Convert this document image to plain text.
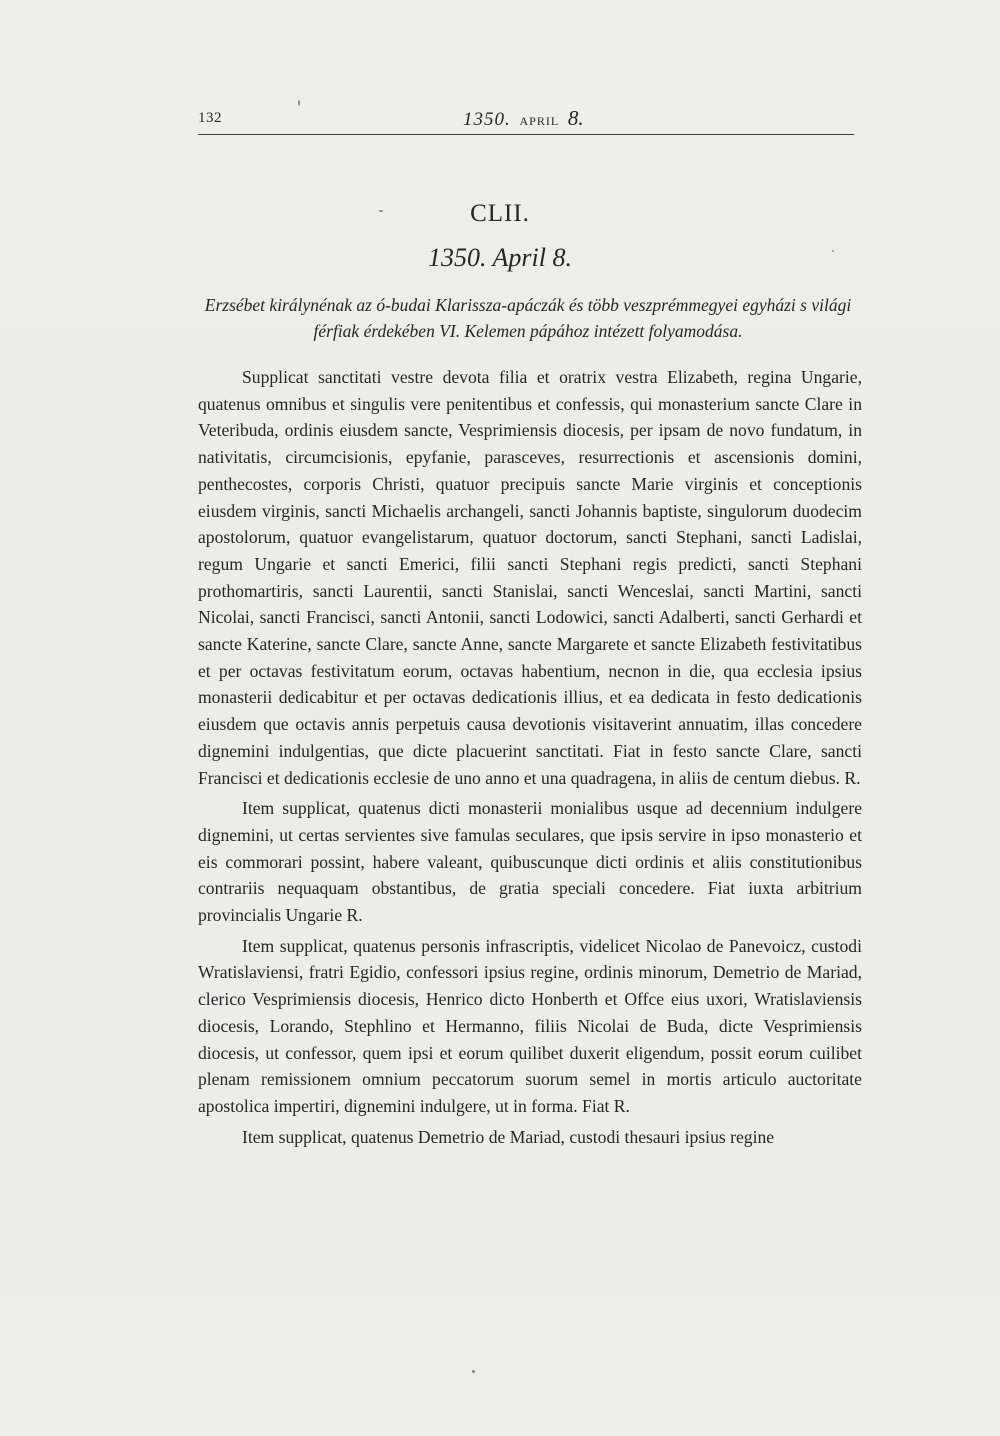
132	1350. APRIL 8.
CLII.
1350. April 8.
Erzsébet királynénak az ó-budai Klarissza-apáczák és több veszprémmegyei egyházi s világi férfiak érdekében VI. Kelemen pápához intézett folyamodása.

Supplicat sanctitati vestre devota filia et oratrix vestra Elizabeth, regina Ungarie, quatenus omnibus et singulis vere penitentibus et confessis, qui monasterium sancte Clare in Veteribuda, ordinis eiusdem sancte, Vesprimiensis diocesis, per ipsam de novo fundatum, in nativitatis, circumcisionis, epyfanie, parasceves, resurrectionis et ascensionis domini, penthecostes, corporis Christi, quatuor precipuis sancte Marie virginis et conceptionis eiusdem virginis, sancti Michaelis archangeli, sancti Johannis baptiste, singulorum duodecim apostolorum, quatuor evangelistarum, quatuor doctorum, sancti Stephani, sancti Ladislai, regum Ungarie et sancti Emerici, filii sancti Stephani regis predicti, sancti Stephani prothomartiris, sancti Laurentii, sancti Stanislai, sancti Wenceslai, sancti Martini, sancti Nicolai, sancti Francisci, sancti Antonii, sancti Lodowici, sancti Adalberti, sancti Gerhardi et sancte Katerine, sancte Clare, sancte Anne, sancte Margarete et sancte Elizabeth festivitatibus et per octavas festivitatum eorum, octavas habentium, necnon in die, qua ecclesia ipsius monasterii dedicabitur et per octavas dedicationis illius, et ea dedicata in festo dedicationis eiusdem que octavis annis perpetuis causa devotionis visitaverint annuatim, illas concedere dignemini indulgentias, que dicte placuerint sanctitati. Fiat in festo sancte Clare, sancti Francisci et dedicationis ecclesie de uno anno et una quadragena, in aliis de centum diebus. R.

Item supplicat, quatenus dicti monasterii monialibus usque ad decennium indulgere dignemini, ut certas servientes sive famulas seculares, que ipsis servire in ipso monasterio et eis commorari possint, habere valeant, quibuscunque dicti ordinis et aliis constitutionibus contrariis nequaquam obstantibus, de gratia speciali concedere. Fiat iuxta arbitrium provincialis Ungarie R.

Item supplicat, quatenus personis infrascriptis, videlicet Nicolao de Panevoicz, custodi Wratislaviensi, fratri Egidio, confessori ipsius regine, ordinis minorum, Demetrio de Mariad, clerico Vesprimiensis diocesis, Henrico dicto Honberth et Offce eius uxori, Wratislaviensis diocesis, Lorando, Stephlino et Hermanno, filiis Nicolai de Buda, dicte Vesprimiensis diocesis, ut confessor, quem ipsi et eorum quilibet duxerit eligendum, possit eorum cuilibet plenam remissionem omnium peccatorum suorum semel in mortis articulo auctoritate apostolica impertiri, dignemini indulgere, ut in forma. Fiat R.

Item supplicat, quatenus Demetrio de Mariad, custodi thesauri ipsius regine
